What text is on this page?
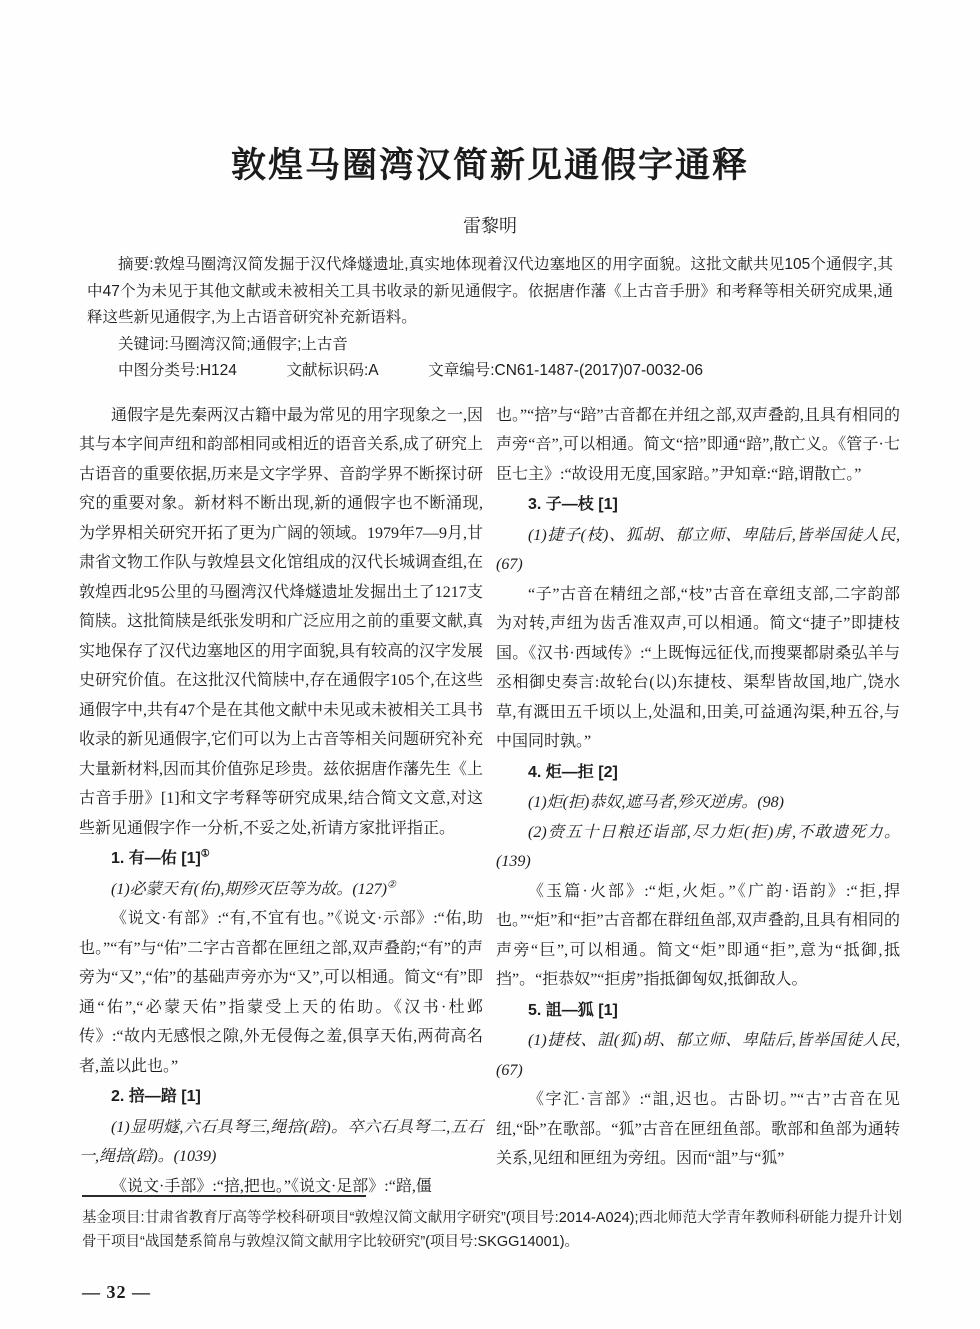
敦煌马圈湾汉简新见通假字通释
雷黎明

摘要:敦煌马圈湾汉简发掘于汉代烽燧遗址,真实地体现着汉代边塞地区的用字面貌。这批文献共见105个通假字,其中47个为未见于其他文献或未被相关工具书收录的新见通假字。依据唐作藩《上古音手册》和考释等相关研究成果,通释这些新见通假字,为上古语音研究补充新语料。

关键词:马圈湾汉简;通假字;上古音

中图分类号:H124	文献标识码:A	文章编号:CN61-1487-(2017)07-0032-06

通假字是先秦两汉古籍中最为常见的用字现象之一,因其与本字间声纽和韵部相同或相近的语音关系,成了研究上古语音的重要依据,历来是文字学界、音韵学界不断探讨研究的重要对象。新材料不断出现,新的通假字也不断涌现,为学界相关研究开拓了更为广阔的领域。1979年7—9月,甘肃省文物工作队与敦煌县文化馆组成的汉代长城调查组,在敦煌西北95公里的马圈湾汉代烽燧遗址发掘出土了1217支简牍。这批简牍是纸张发明和广泛应用之前的重要文献,真实地保存了汉代边塞地区的用字面貌,具有较高的汉字发展史研究价值。在这批汉代简牍中,存在通假字105个,在这些通假字中,共有47个是在其他文献中未见或未被相关工具书收录的新见通假字,它们可以为上古音等相关问题研究补充大量新材料,因而其价值弥足珍贵。兹依据唐作藩先生《上古音手册》[1]和文字考释等研究成果,结合简文文意,对这些新见通假字作一分析,不妥之处,祈请方家批评指正。

1. 有—佑 [1]①

(1)必蒙天有(佑),期殄灭臣等为故。(127)②

《说文·有部》:“有,不宜有也。”《说文·示部》:“佑,助也。”“有”与“佑”二字古音都在匣纽之部,双声叠韵;“有”的声旁为“又”,“佑”的基础声旁亦为“又”,可以相通。简文“有”即通“佑”,“必蒙天佑”指蒙受上天的佑助。《汉书·杜邺传》:“故内无感恨之隙,外无侵侮之羞,俱享天佑,两荷高名者,盖以此也。”

2. 掊—踣 [1]

(1)显明燧,六石具弩三,绳掊(踣)。卒六石具弩二,五石一,绳掊(踣)。(1039)

《说文·手部》:“掊,把也。”《说文·足部》:“踣,僵

也。”“掊”与“踣”古音都在并纽之部,双声叠韵,且具有相同的声旁“咅”,可以相通。简文“掊”即通“踣”,散亡义。《管子·七臣七主》:“故设用无度,国家踣。”尹知章:“踣,谓散亡。”

3. 子—枝 [1]

(1)捷子(枝)、狐胡、郁立师、卑陆后,皆举国徒人民,(67)

“子”古音在精纽之部,“枝”古音在章纽支部,二字韵部为对转,声纽为齿舌准双声,可以相通。简文“捷子”即捷枝国。《汉书·西域传》:“上既悔远征伐,而搜粟都尉桑弘羊与丞相御史奏言:故轮台(以)东捷枝、渠犁皆故国,地广,饶水草,有溉田五千顷以上,处温和,田美,可益通沟渠,种五谷,与中国同时孰。”

4. 炬—拒 [2]

(1)炬(拒)恭奴,遮马者,殄灭逆虏。(98)

(2)赍五十日粮还诣部,尽力炬(拒)虏,不敢遗死力。(139)

《玉篇·火部》:“炬,火炬。”《广韵·语韵》:“拒,捍也。”“炬”和“拒”古音都在群纽鱼部,双声叠韵,且具有相同的声旁“巨”,可以相通。简文“炬”即通“拒”,意为“抵御,抵挡”。“拒恭奴”“拒虏”指抵御匈奴,抵御敌人。

5. 詛—狐 [1]

(1)捷枝、詛(狐)胡、郁立师、卑陆后,皆举国徒人民,(67)

《字汇·言部》:“詛,迟也。古卧切。”“古”古音在见纽,“卧”在歌部。“狐”古音在匣纽鱼部。歌部和鱼部为通转关系,见纽和匣纽为旁纽。因而“詛”与“狐”

基金项目:甘肃省教育厅高等学校科研项目“敦煌汉简文献用字研究”(项目号:2014-A024);西北师范大学青年教师科研能力提升计划骨干项目“战国楚系简帛与敦煌汉简文献用字比较研究”(项目号:SKGG14001)。

— 32 —
